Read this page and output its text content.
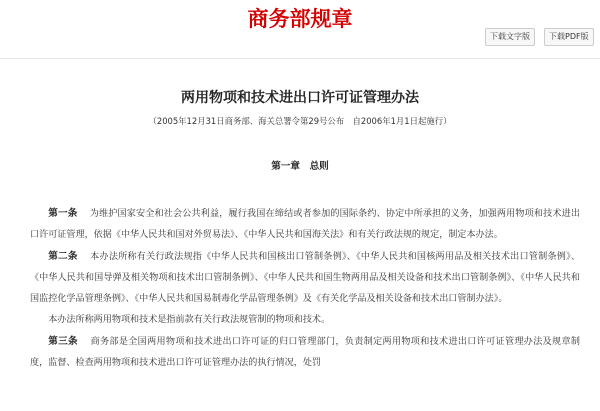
商务部规章
下载文字版	下载PDF版
两用物项和技术进出口许可证管理办法
（2005年12月31日商务部、海关总署令第29号公布　自2006年1月1日起施行）
第一章　总则

第一条　 为维护国家安全和社会公共利益，履行我国在缔结或者参加的国际条约、协定中所承担的义务，加强两用物项和技术进出口许可证管理，依据《中华人民共和国对外贸易法》、《中华人民共和国海关法》和有关行政法规的规定，制定本办法。

第二条　 本办法所称有关行政法规指《中华人民共和国核出口管制条例》、《中华人民共和国核两用品及相关技术出口管制条例》、《中华人民共和国导弹及相关物项和技术出口管制条例》、《中华人民共和国生物两用品及相关设备和技术出口管制条例》、《中华人民共和国监控化学品管理条例》、《中华人民共和国易制毒化学品管理条例》及《有关化学品及相关设备和技术出口管制办法》。

本办法所称两用物项和技术是指前款有关行政法规管制的物项和技术。

第三条　 商务部是全国两用物项和技术进出口许可证的归口管理部门，负责制定两用物项和技术进出口许可证管理办法及规章制度，监督、检查两用物项和技术进出口许可证管理办法的执行情况，处罚
